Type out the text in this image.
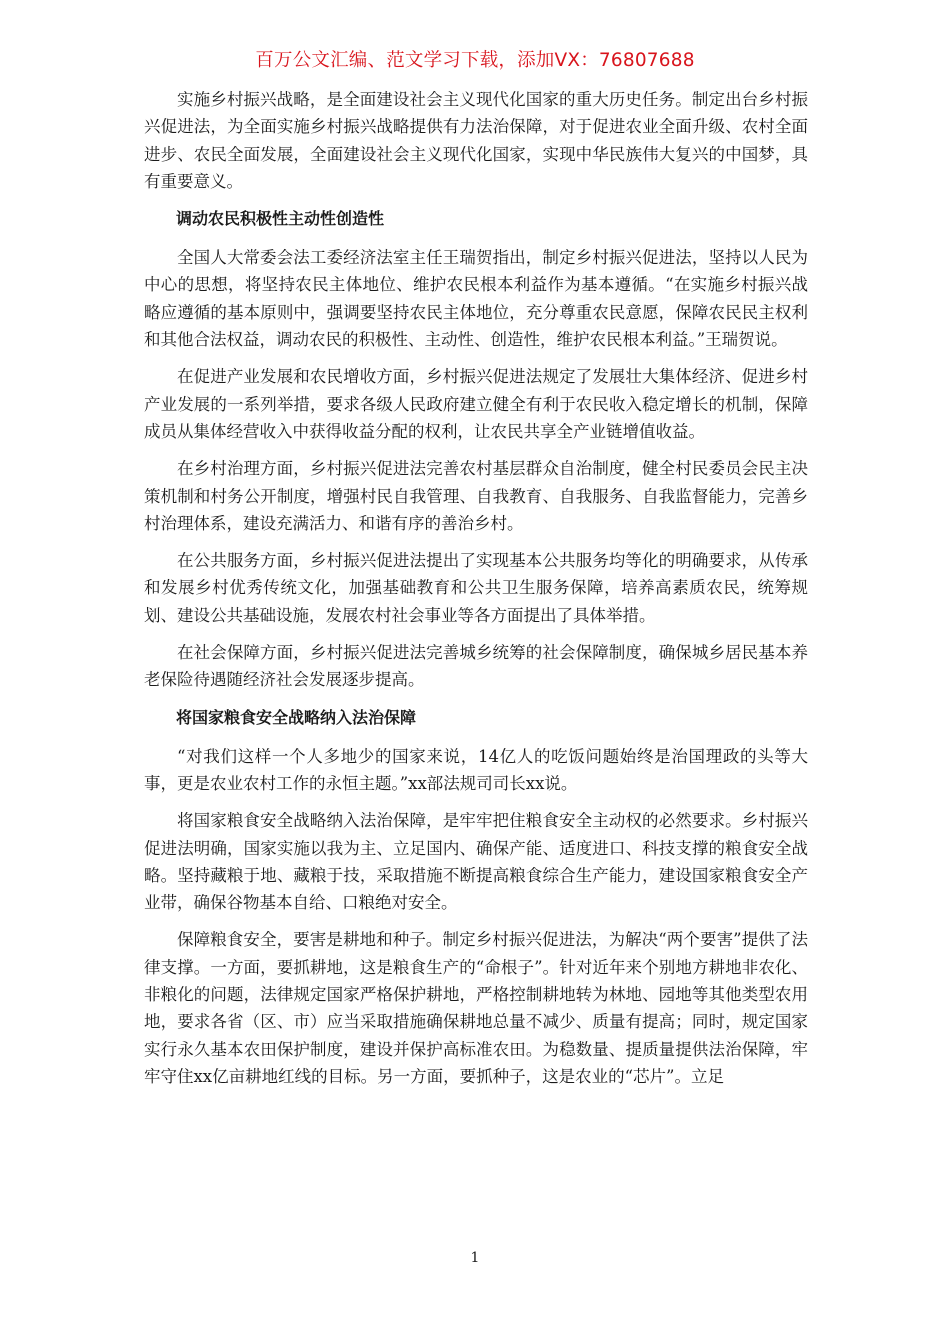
百万公文汇编、范文学习下载，添加VX：76807688

实施乡村振兴战略，是全面建设社会主义现代化国家的重大历史任务。制定出台乡村振兴促进法，为全面实施乡村振兴战略提供有力法治保障，对于促进农业全面升级、农村全面进步、农民全面发展，全面建设社会主义现代化国家，实现中华民族伟大复兴的中国梦，具有重要意义。

调动农民积极性主动性创造性

全国人大常委会法工委经济法室主任王瑞贺指出，制定乡村振兴促进法，坚持以人民为中心的思想，将坚持农民主体地位、维护农民根本利益作为基本遵循。“在实施乡村振兴战略应遵循的基本原则中，强调要坚持农民主体地位，充分尊重农民意愿，保障农民民主权利和其他合法权益，调动农民的积极性、主动性、创造性，维护农民根本利益。”王瑞贺说。

在促进产业发展和农民增收方面，乡村振兴促进法规定了发展壮大集体经济、促进乡村产业发展的一系列举措，要求各级人民政府建立健全有利于农民收入稳定增长的机制，保障成员从集体经营收入中获得收益分配的权利，让农民共享全产业链增值收益。

在乡村治理方面，乡村振兴促进法完善农村基层群众自治制度，健全村民委员会民主决策机制和村务公开制度，增强村民自我管理、自我教育、自我服务、自我监督能力，完善乡村治理体系，建设充满活力、和谐有序的善治乡村。

在公共服务方面，乡村振兴促进法提出了实现基本公共服务均等化的明确要求，从传承和发展乡村优秀传统文化，加强基础教育和公共卫生服务保障，培养高素质农民，统筹规划、建设公共基础设施，发展农村社会事业等各方面提出了具体举措。

在社会保障方面，乡村振兴促进法完善城乡统筹的社会保障制度，确保城乡居民基本养老保险待遇随经济社会发展逐步提高。

将国家粮食安全战略纳入法治保障

“对我们这样一个人多地少的国家来说，14亿人的吃饭问题始终是治国理政的头等大事，更是农业农村工作的永恒主题。”xx部法规司司长xx说。

将国家粮食安全战略纳入法治保障，是牢牢把住粮食安全主动权的必然要求。乡村振兴促进法明确，国家实施以我为主、立足国内、确保产能、适度进口、科技支撑的粮食安全战略。坚持藏粮于地、藏粮于技，采取措施不断提高粮食综合生产能力，建设国家粮食安全产业带，确保谷物基本自给、口粮绝对安全。

保障粮食安全，要害是耕地和种子。制定乡村振兴促进法，为解决“两个要害”提供了法律支撑。一方面，要抓耕地，这是粮食生产的“命根子”。针对近年来个别地方耕地非农化、非粮化的问题，法律规定国家严格保护耕地，严格控制耕地转为林地、园地等其他类型农用地，要求各省（区、市）应当采取措施确保耕地总量不减少、质量有提高；同时，规定国家实行永久基本农田保护制度，建设并保护高标准农田。为稳数量、提质量提供法治保障，牢牢守住xx亿亩耕地红线的目标。另一方面，要抓种子，这是农业的“芯片”。立足

1
